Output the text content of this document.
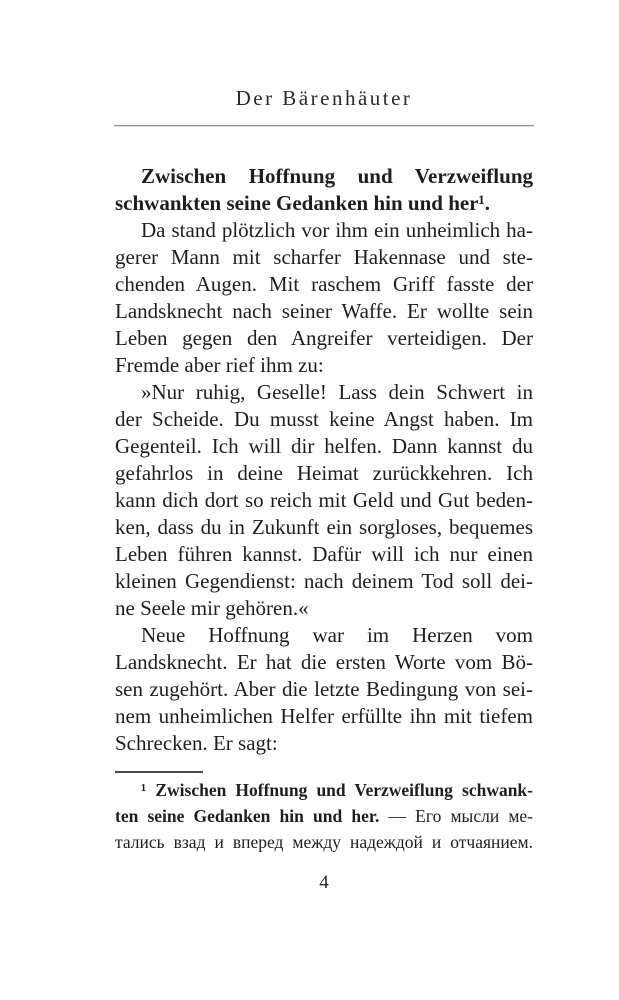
Der Bärenhäuter
Zwischen Hoffnung und Verzweiflung
schwankten seine Gedanken hin und her¹.
Da stand plötzlich vor ihm ein unheimlich ha-
gerer Mann mit scharfer Hakennase und ste-
chenden Augen. Mit raschem Griff fasste der
Landsknecht nach seiner Waffe. Er wollte sein
Leben gegen den Angreifer verteidigen. Der
Fremde aber rief ihm zu:
»Nur ruhig, Geselle! Lass dein Schwert in
der Scheide. Du musst keine Angst haben. Im
Gegenteil. Ich will dir helfen. Dann kannst du
gefahrlos in deine Heimat zurückkehren. Ich
kann dich dort so reich mit Geld und Gut beden-
ken, dass du in Zukunft ein sorgloses, bequemes
Leben führen kannst. Dafür will ich nur einen
kleinen Gegendienst: nach deinem Tod soll dei-
ne Seele mir gehören.«
Neue Hoffnung war im Herzen vom
Landsknecht. Er hat die ersten Worte vom Bö-
sen zugehört. Aber die letzte Bedingung von sei-
nem unheimlichen Helfer erfüllte ihn mit tiefem
Schrecken. Er sagt:
¹ Zwischen Hoffnung und Verzweiflung schwank-
ten seine Gedanken hin und her. — Его мысли ме-
тались взад и вперед между надеждой и отчаянием.
4
